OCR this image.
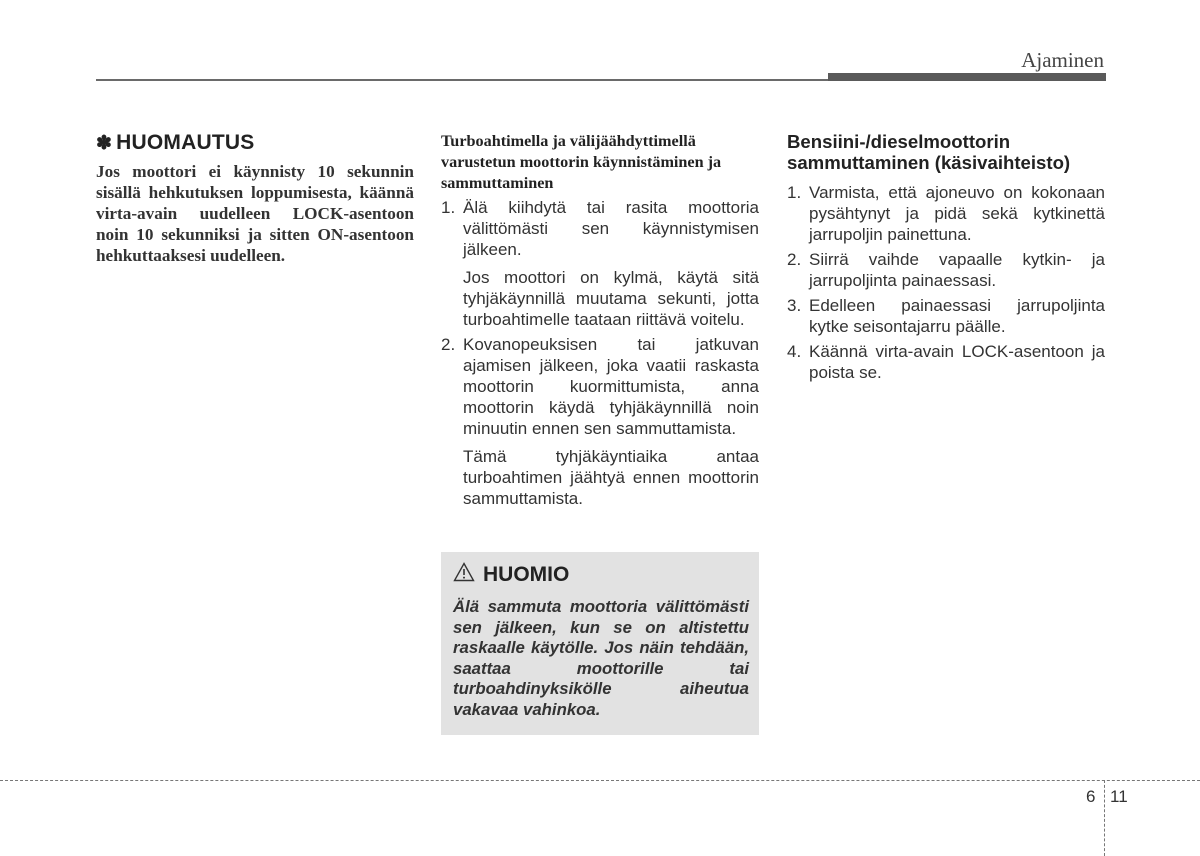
Ajaminen
✽ HUOMAUTUS

Jos moottori ei käynnisty 10 sekunnin sisällä hehkutuksen loppumisesta, käännä virta-avain uudelleen LOCK-asentoon noin 10 sekunniksi ja sitten ON-asentoon hehkuttaaksesi uudelleen.

Turboahtimella ja välijäähdyttimellä varustetun moottorin käynnistäminen ja sammuttaminen
1. Älä kiihdytä tai rasita moottoria välittömästi sen käynnistymisen jälkeen.

Jos moottori on kylmä, käytä sitä tyhjäkäynnillä muutama sekunti, jotta turboahtimelle taataan riittävä voitelu.

2. Kovanopeuksisen tai jatkuvan ajamisen jälkeen, joka vaatii raskasta moottorin kuormittumista, anna moottorin käydä tyhjäkäynnillä noin minuutin ennen sen sammuttamista.

Tämä tyhjäkäyntiaika antaa turboahtimen jäähtyä ennen moottorin sammuttamista.

HUOMIO

Älä sammuta moottoria välittömästi sen jälkeen, kun se on altistettu raskaalle käytölle. Jos näin tehdään, saattaa moottorille tai turboahdinyksikölle aiheutua vakavaa vahinkoa.

Bensiini-/dieselmoottorin sammuttaminen (käsivaihteisto)
1. Varmista, että ajoneuvo on kokonaan pysähtynyt ja pidä sekä kytkinettä jarrupoljin painettuna.

2. Siirrä vaihde vapaalle kytkin- ja jarrupoljinta painaessasi.

3. Edelleen painaessasi jarrupoljinta kytke seisontajarru päälle.

4. Käännä virta-avain LOCK-asentoon ja poista se.

6 11
